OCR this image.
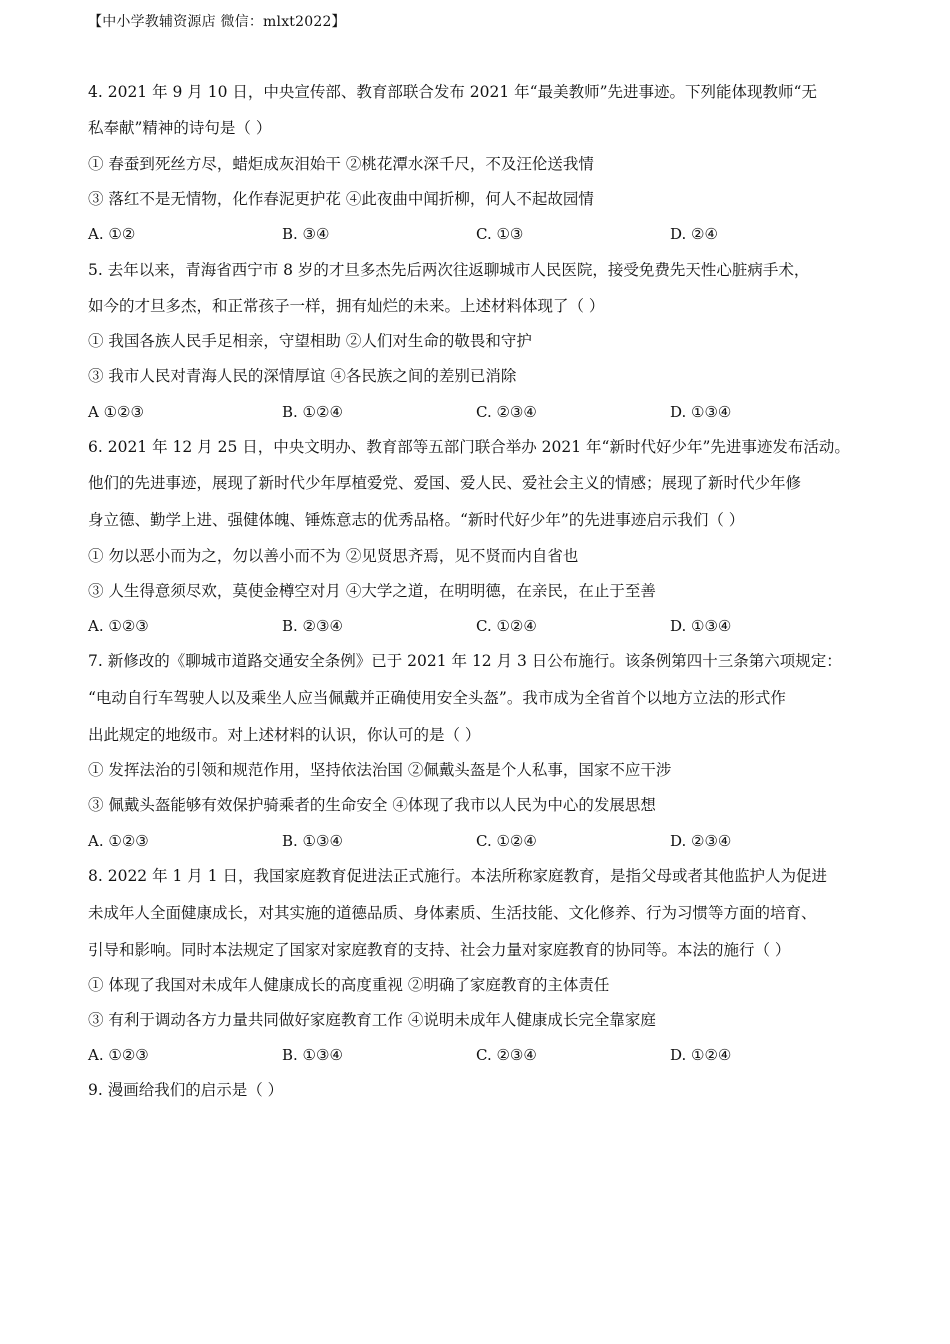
【中小学教辅资源店 微信：mlxt2022】
4. 2021 年 9 月 10 日，中央宣传部、教育部联合发布 2021 年“最美教师”先进事迹。下列能体现教师“无
私奉献”精神的诗句是（ ）
① 春蚕到死丝方尽，蜡炬成灰泪始干 ②桃花潭水深千尺，不及汪伦送我情
③ 落红不是无情物，化作春泥更护花 ④此夜曲中闻折柳，何人不起故园情
A. ①②	B. ③④	C. ①③	D. ②④
5. 去年以来，青海省西宁市 8 岁的才旦多杰先后两次往返聊城市人民医院，接受免费先天性心脏病手术，
如今的才旦多杰，和正常孩子一样，拥有灿烂的未来。上述材料体现了（ ）
① 我国各族人民手足相亲，守望相助 ②人们对生命的敬畏和守护
③ 我市人民对青海人民的深情厚谊 ④各民族之间的差别已消除
A ①②③	B. ①②④	C. ②③④	D. ①③④
6. 2021 年 12 月 25 日，中央文明办、教育部等五部门联合举办 2021 年“新时代好少年”先进事迹发布活动。
他们的先进事迹，展现了新时代少年厚植爱党、爱国、爱人民、爱社会主义的情感；展现了新时代少年修
身立德、勤学上进、强健体魄、锤炼意志的优秀品格。“新时代好少年”的先进事迹启示我们（ ）
① 勿以恶小而为之，勿以善小而不为 ②见贤思齐焉，见不贤而内自省也
③ 人生得意须尽欢，莫使金樽空对月 ④大学之道，在明明德，在亲民，在止于至善
A. ①②③	B. ②③④	C. ①②④	D. ①③④
7. 新修改的《聊城市道路交通安全条例》已于 2021 年 12 月 3 日公布施行。该条例第四十三条第六项规定：
“电动自行车驾驶人以及乘坐人应当佩戴并正确使用安全头盔”。我市成为全省首个以地方立法的形式作
出此规定的地级市。对上述材料的认识，你认可的是（ ）
① 发挥法治的引领和规范作用，坚持依法治国 ②佩戴头盔是个人私事，国家不应干涉
③ 佩戴头盔能够有效保护骑乘者的生命安全 ④体现了我市以人民为中心的发展思想
A. ①②③	B. ①③④	C. ①②④	D. ②③④
8. 2022 年 1 月 1 日，我国家庭教育促进法正式施行。本法所称家庭教育，是指父母或者其他监护人为促进
未成年人全面健康成长，对其实施的道德品质、身体素质、生活技能、文化修养、行为习惯等方面的培育、
引导和影响。同时本法规定了国家对家庭教育的支持、社会力量对家庭教育的协同等。本法的施行（ ）
① 体现了我国对未成年人健康成长的高度重视 ②明确了家庭教育的主体责任
③ 有利于调动各方力量共同做好家庭教育工作 ④说明未成年人健康成长完全靠家庭
A. ①②③	B. ①③④	C. ②③④	D. ①②④
9. 漫画给我们的启示是（ ）
